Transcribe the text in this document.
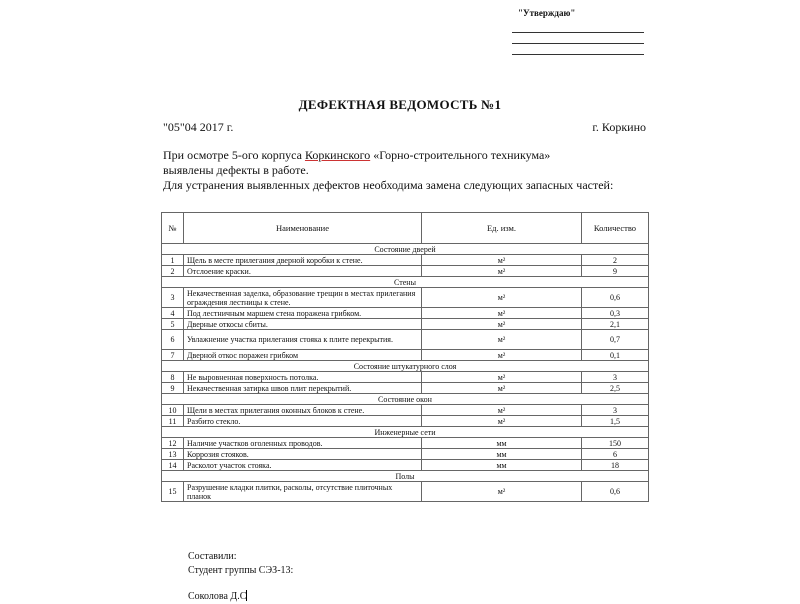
"Утверждаю"
ДЕФЕКТНАЯ ВЕДОМОСТЬ №1
"05"04 2017 г.	г. Коркино
При осмотре 5-ого корпуса Коркинского «Горно-строительного техникума»
выявлены дефекты в работе.
Для устранения выявленных дефектов необходима замена следующих запасных частей:
№	Наименование	Ед. изм.	Количество
Состояние дверей			
1	Щель в месте прилегания дверной коробки к стене.	м²	2
2	Отслоение краски.	м²	9
Стены			
3	Некачественная заделка, образование трещин в местах прилегания ограждения лестницы к стене.	м²	0,6
4	Под лестничным маршем стена поражена грибком.	м²	0,3
5	Дверные откосы сбиты.	м²	2,1
6	Увлажнение участка прилегания стояка к плите перекрытия.	м²	0,7
7	Дверной откос поражен грибком	м²	0,1
Состояние штукатурного слоя			
8	Не выровненная поверхность потолка.	м²	3
9	Некачественная затирка швов плит перекрытий.	м²	2,5
Состояние окон			
10	Щели в местах прилегания оконных блоков к стене.	м²	3
11	Разбито стекло.	м²	1,5
Инженерные сети			
12	Наличие участков оголенных проводов.	мм	150
13	Коррозия стояков.	мм	6
14	Расколот участок стояка.	мм	18
Полы			
15	Разрушение кладки плитки, расколы, отсутствие плиточных планок	м²	0,6
Составили:
Студент группы СЭЗ-13:
Соколова Д.С
